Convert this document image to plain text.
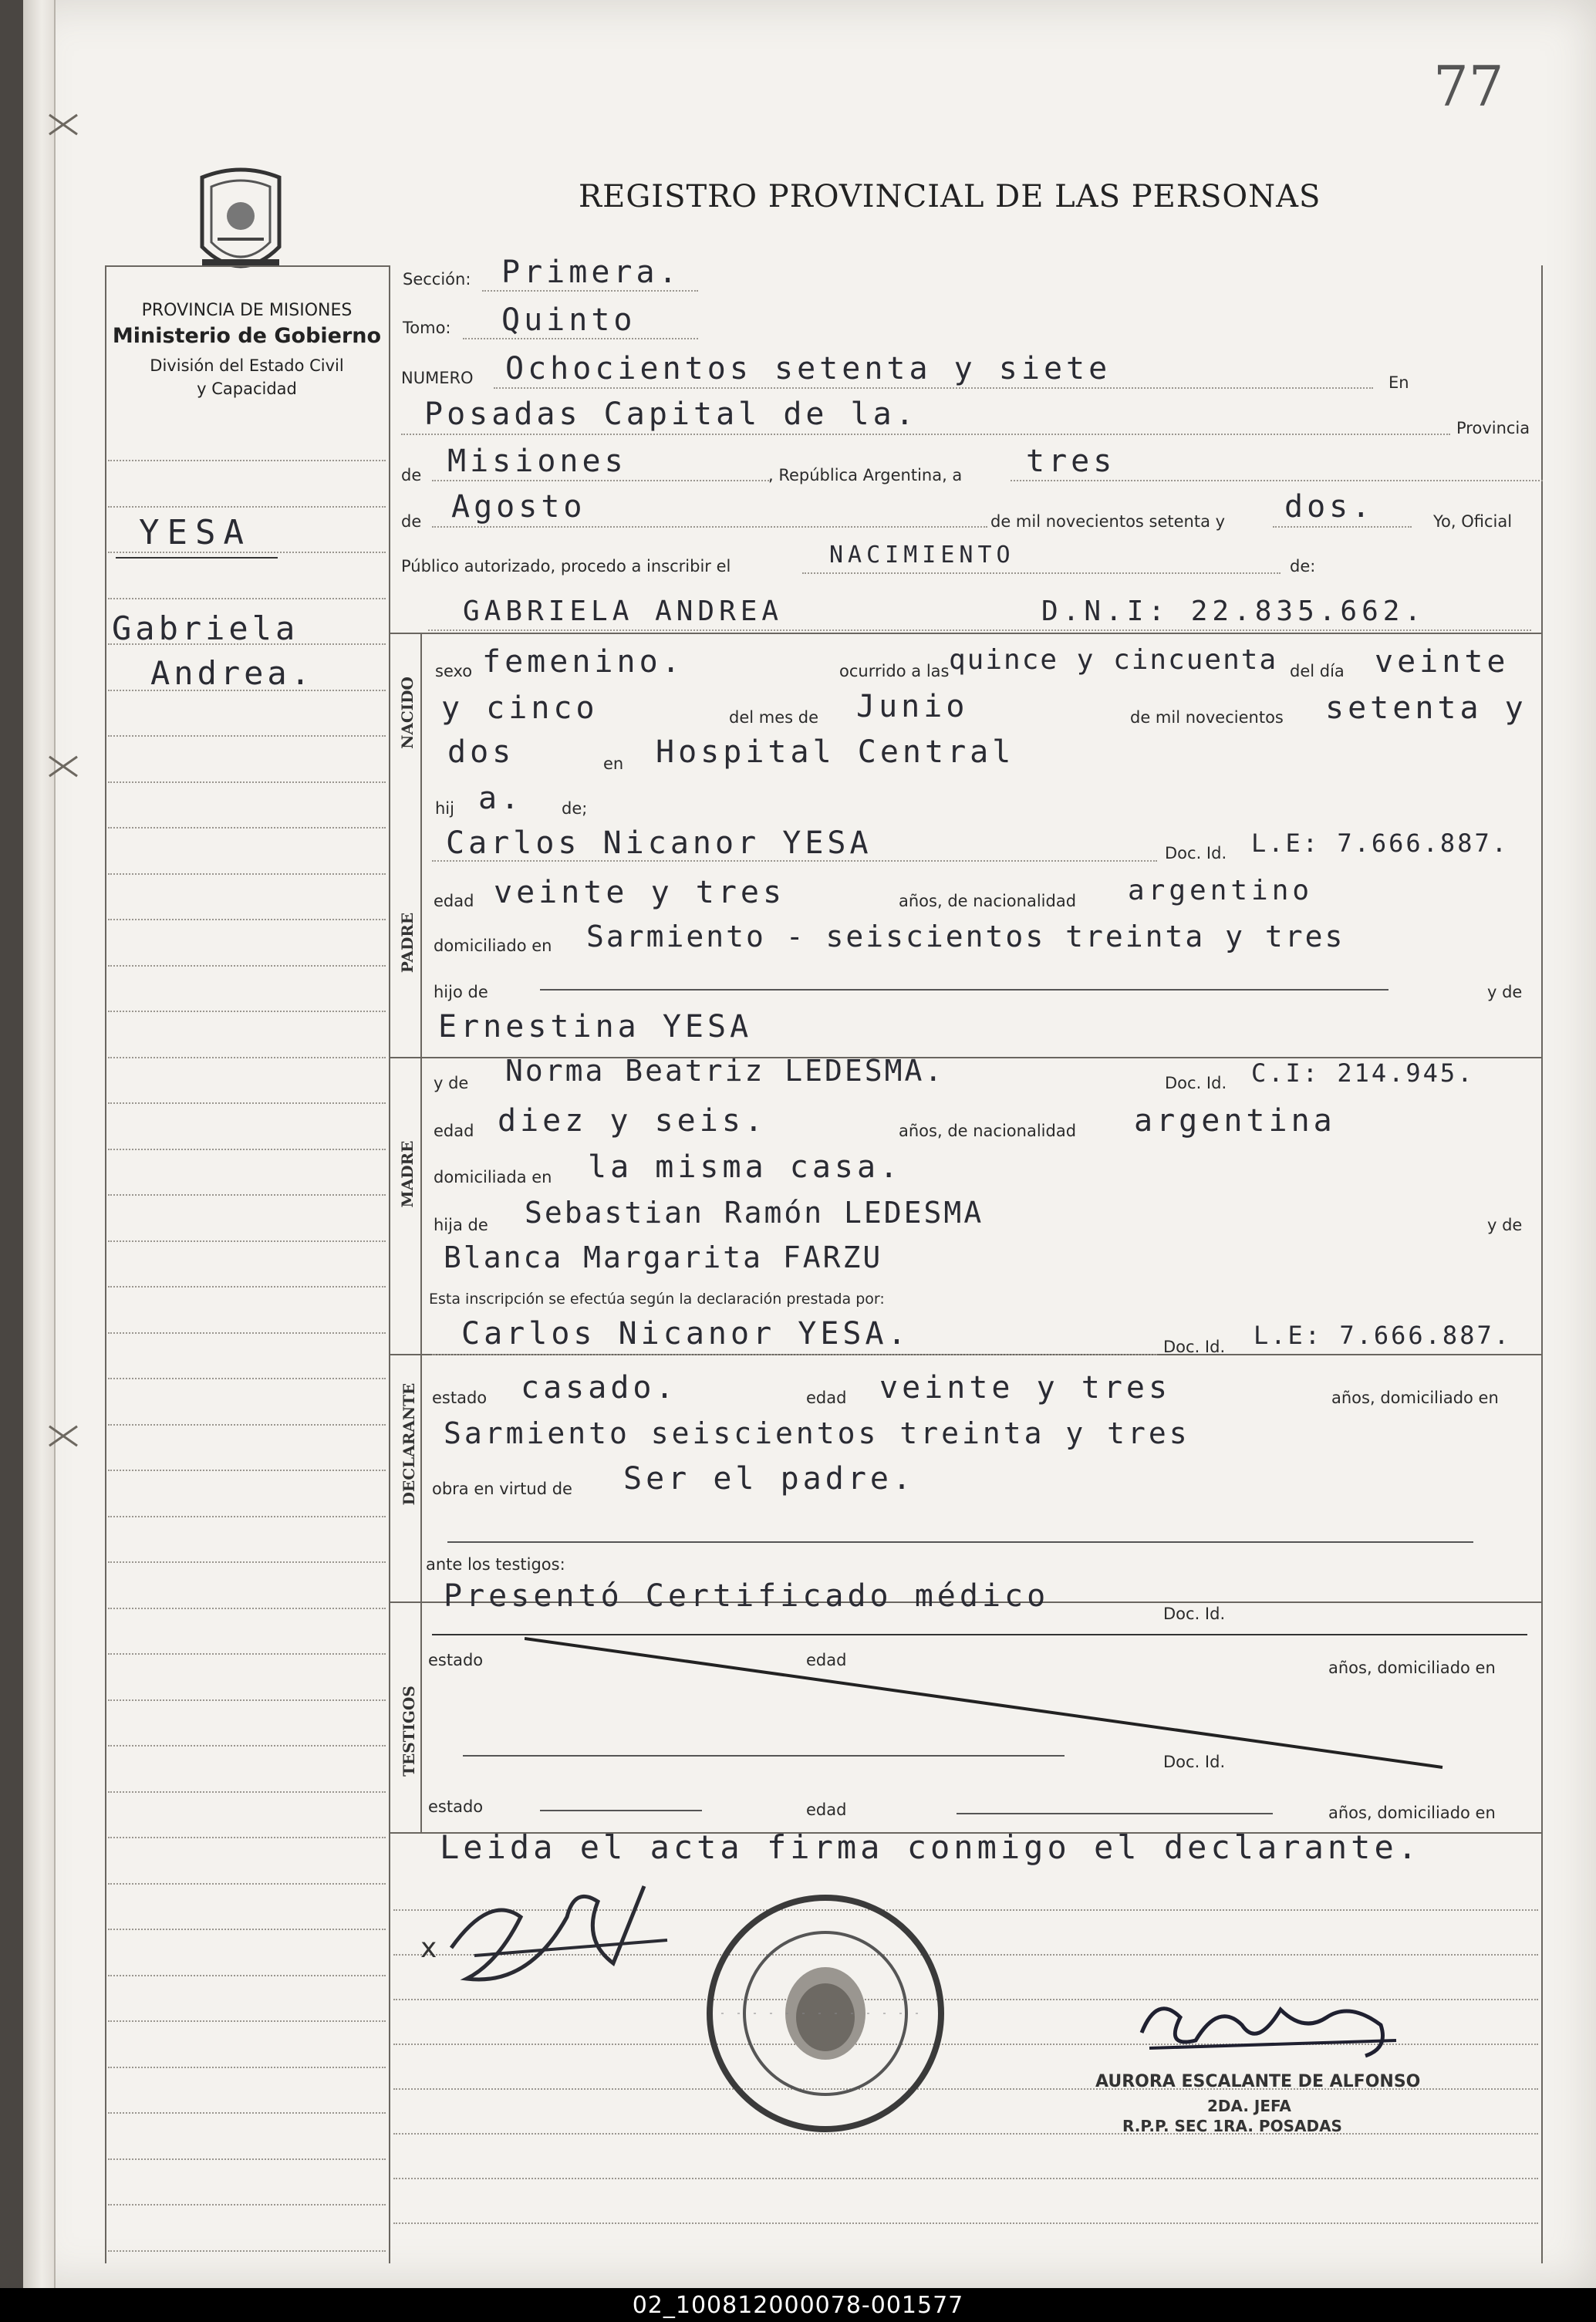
77
REGISTRO PROVINCIAL DE LAS PERSONAS
PROVINCIA DE MISIONES
Ministerio de Gobierno
División del Estado Civil
y Capacidad
YESA
Gabriela
Andrea.
NACIDO
PADRE
MADRE
DECLARANTE
TESTIGOS
Sección: Primera.
Tomo: Quinto
NUMERO Ochocientos setenta y siete	En
Posadas Capital de la.	Provincia
de Misiones	, República Argentina, a tres
de Agosto	de mil novecientos setenta y dos.	Yo, Oficial
Público autorizado, procedo a inscribir el	NACIMIENTO	de:
GABRIELA ANDREA	D.N.I: 22.835.662.
sexo femenino.	ocurrido a las quince y cincuenta del día veinte
y cinco	del mes de Junio	de mil novecientos setenta y
dos	en Hospital Central
hij a. de;
Carlos Nicanor YESA	Doc. Id. L.E: 7.666.887.
edad veinte y tres	años, de nacionalidad argentino
domiciliado en Sarmiento - seiscientos treinta y tres
hijo de	y de
Ernestina YESA
y de Norma Beatriz LEDESMA.	Doc. Id. C.I: 214.945.
edad diez y seis.	años, de nacionalidad argentina
domiciliada en la misma casa.
hija de Sebastian Ramón LEDESMA	y de
Blanca Margarita FARZU
Esta inscripción se efectúa según la declaración prestada por:
Carlos Nicanor YESA.	Doc. Id. L.E: 7.666.887.
estado casado.	edad veinte y tres	años, domiciliado en
Sarmiento seiscientos treinta y tres
obra en virtud de Ser el padre.
ante los testigos:
Presentó Certificado médico	Doc. Id.
estado	edad	años, domiciliado en
Doc. Id.
estado	edad	años, domiciliado en
Leida el acta firma conmigo el declarante.
x
AURORA ESCALANTE DE ALFONSO
2DA. JEFA
R.P.P. SEC 1RA. POSADAS
02_100812000078-001577
